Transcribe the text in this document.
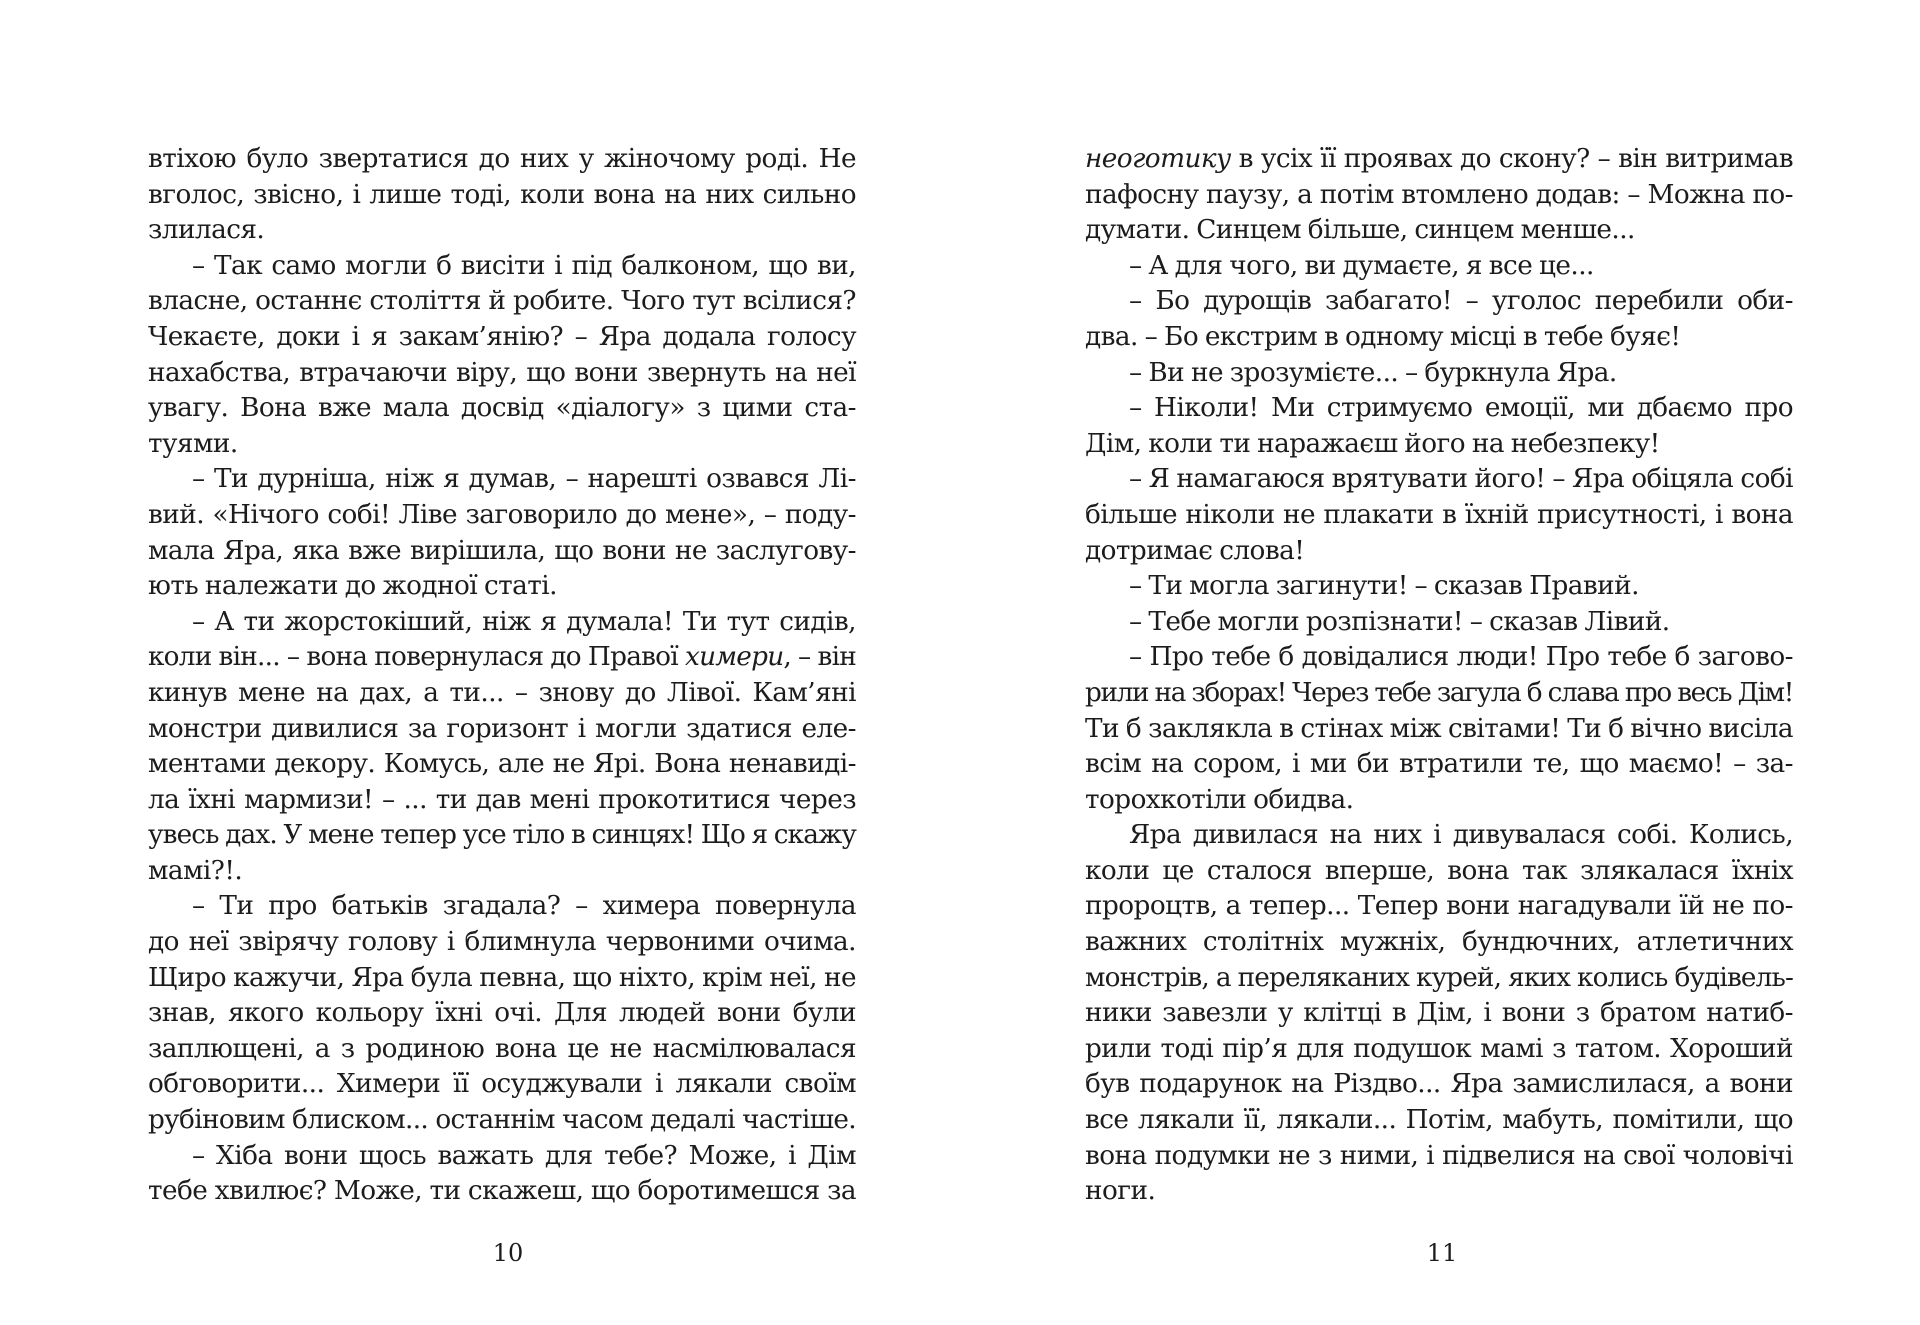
втіхою було звертатися до них у жіночому роді. Не
вголос, звісно, і лише тоді, коли вона на них сильно
злилася.
– Так само могли б висіти і під балконом, що ви,
власне, останнє століття й робите. Чого тут всілися?
Чекаєте, доки і я закам’янію? – Яра додала голосу
нахабства, втрачаючи віру, що вони звернуть на неї
увагу. Вона вже мала досвід «діалогу» з цими ста-
туями.
– Ти дурніша, ніж я думав, – нарешті озвався Лі-
вий. «Нічого собі! Ліве заговорило до мене», – поду-
мала Яра, яка вже вирішила, що вони не заслугову-
ють належати до жодної статі.
– А ти жорстокіший, ніж я думала! Ти тут сидів,
коли він... – вона повернулася до Правої химери, – він
кинув мене на дах, а ти... – знову до Лівої. Кам’яні
монстри дивилися за горизонт і могли здатися еле-
ментами декору. Комусь, але не Ярі. Вона ненавиді-
ла їхні мармизи! – ... ти дав мені прокотитися через
увесь дах. У мене тепер усе тіло в синцях! Що я скажу
мамі?!.
– Ти про батьків згадала? – химера повернула
до неї звірячу голову і блимнула червоними очима.
Щиро кажучи, Яра була певна, що ніхто, крім неї, не
знав, якого кольору їхні очі. Для людей вони були
заплющені, а з родиною вона це не насмілювалася
обговорити... Химери її осуджували і лякали своїм
рубіновим блиском... останнім часом дедалі частіше.
– Хіба вони щось важать для тебе? Може, і Дім
тебе хвилює? Може, ти скажеш, що боротимешся за
10
неоготику в усіх її проявах до скону? – він витримав
пафосну паузу, а потім втомлено додав: – Можна по-
думати. Синцем більше, синцем менше...
– А для чого, ви думаєте, я все це...
– Бо дурощів забагато! – уголос перебили оби-
два. – Бо екстрим в одному місці в тебе буяє!
– Ви не зрозумієте... – буркнула Яра.
– Ніколи! Ми стримуємо емоції, ми дбаємо про
Дім, коли ти наражаєш його на небезпеку!
– Я намагаюся врятувати його! – Яра обіцяла собі
більше ніколи не плакати в їхній присутності, і вона
дотримає слова!
– Ти могла загинути! – сказав Правий.
– Тебе могли розпізнати! – сказав Лівий.
– Про тебе б довідалися люди! Про тебе б загово-
рили на зборах! Через тебе загула б слава про весь Дім!
Ти б заклякла в стінах між світами! Ти б вічно висіла
всім на сором, і ми би втратили те, що маємо! – за-
торохкотіли обидва.
Яра дивилася на них і дивувалася собі. Колись,
коли це сталося вперше, вона так злякалася їхніх
пророцтв, а тепер... Тепер вони нагадували їй не по-
важних столітніх мужніх, бундючних, атлетичних
монстрів, а переляканих курей, яких колись будівель-
ники завезли у клітці в Дім, і вони з братом натиб-
рили тоді пір’я для подушок мамі з татом. Хороший
був подарунок на Різдво... Яра замислилася, а вони
все лякали її, лякали... Потім, мабуть, помітили, що
вона подумки не з ними, і підвелися на свої чоловічі
ноги.
11
